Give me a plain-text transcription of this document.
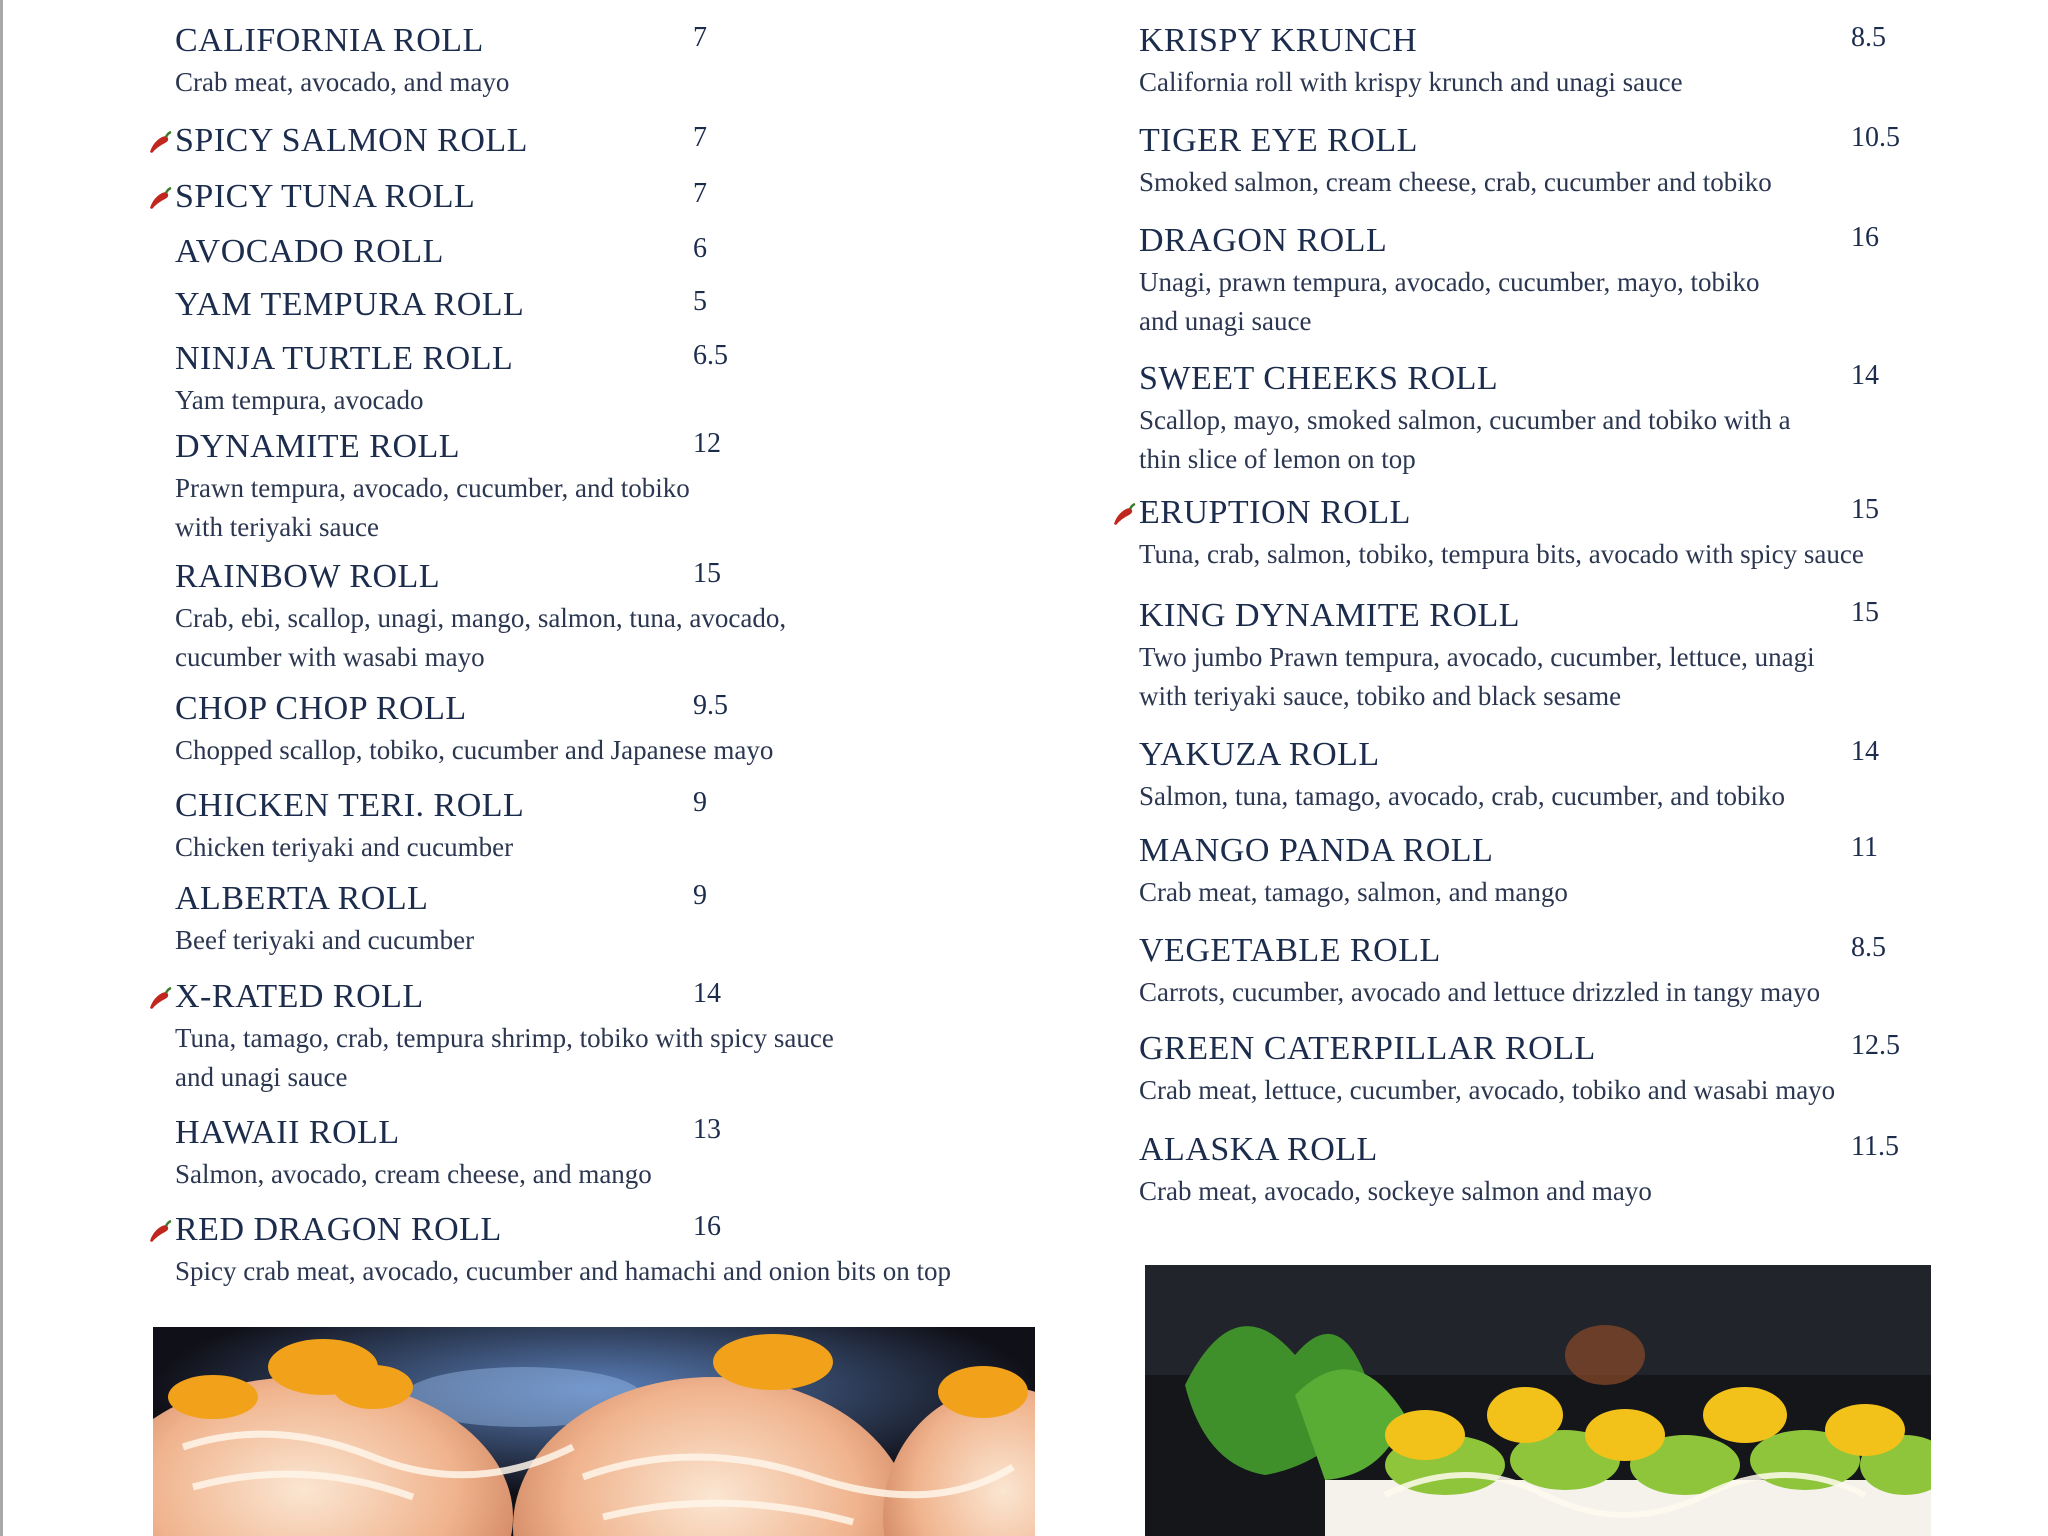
CALIFORNIA ROLL	7
Crab meat, avocado, and mayo
SPICY SALMON ROLL	7
SPICY TUNA ROLL	7
AVOCADO ROLL	6
YAM TEMPURA ROLL	5
NINJA TURTLE ROLL	6.5
Yam tempura, avocado
DYNAMITE ROLL	12
Prawn tempura, avocado, cucumber, and tobiko
with teriyaki sauce
RAINBOW ROLL	15
Crab, ebi, scallop, unagi, mango, salmon, tuna, avocado,
cucumber with wasabi mayo
CHOP CHOP ROLL	9.5
Chopped scallop, tobiko, cucumber and Japanese mayo
CHICKEN TERI. ROLL	9
Chicken teriyaki and cucumber
ALBERTA ROLL	9
Beef teriyaki and cucumber
X-RATED ROLL	14
Tuna, tamago, crab, tempura shrimp, tobiko with spicy sauce
and unagi sauce
HAWAII ROLL	13
Salmon, avocado, cream cheese, and mango
RED DRAGON ROLL	16
Spicy crab meat, avocado, cucumber and hamachi and onion bits on top
KRISPY KRUNCH	8.5
California roll with krispy krunch and unagi sauce
TIGER EYE ROLL	10.5
Smoked salmon, cream cheese, crab, cucumber and tobiko
DRAGON ROLL	16
Unagi, prawn tempura, avocado, cucumber, mayo, tobiko
and unagi sauce
SWEET CHEEKS ROLL	14
Scallop, mayo, smoked salmon, cucumber and tobiko with a
thin slice of lemon on top
ERUPTION ROLL	15
Tuna, crab, salmon, tobiko, tempura bits, avocado with spicy sauce
KING DYNAMITE ROLL	15
Two jumbo Prawn tempura, avocado, cucumber, lettuce, unagi
with teriyaki sauce, tobiko and black sesame
YAKUZA ROLL	14
Salmon, tuna, tamago, avocado, crab, cucumber, and tobiko
MANGO PANDA ROLL	11
Crab meat, tamago, salmon, and mango
VEGETABLE ROLL	8.5
Carrots, cucumber, avocado and lettuce drizzled in tangy mayo
GREEN CATERPILLAR ROLL	12.5
Crab meat, lettuce, cucumber, avocado, tobiko and wasabi mayo
ALASKA ROLL	11.5
Crab meat, avocado, sockeye salmon and mayo
